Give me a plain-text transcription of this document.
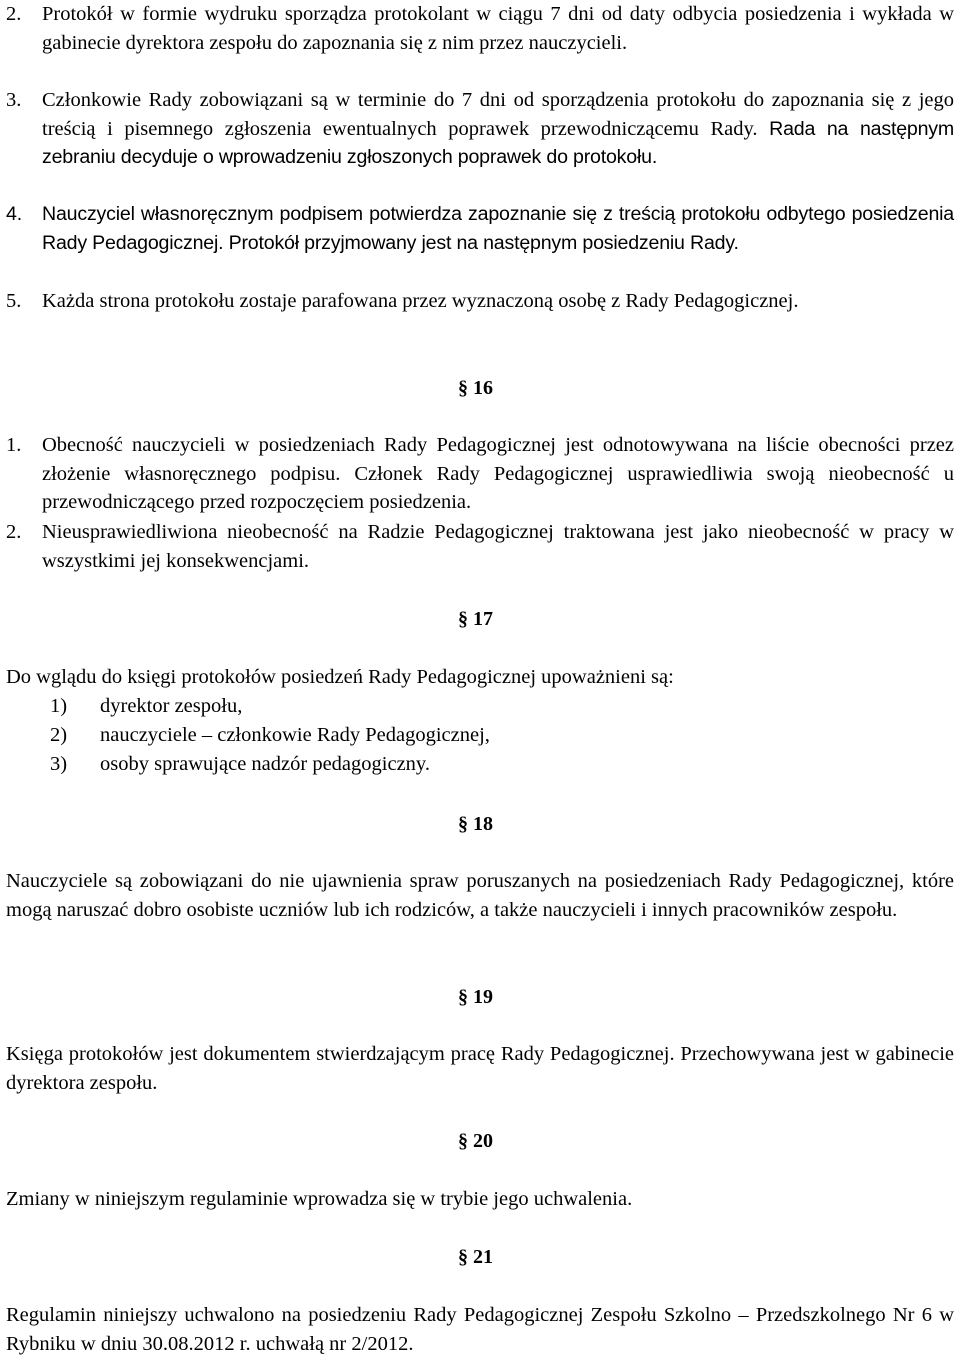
2. Protokół w formie wydruku sporządza protokolant w ciągu 7 dni od daty odbycia posiedzenia i wykłada w gabinecie dyrektora zespołu do zapoznania się z nim przez nauczycieli.
3. Członkowie Rady zobowiązani są w terminie do 7 dni od sporządzenia protokołu do zapoznania się z jego treścią i pisemnego zgłoszenia ewentualnych poprawek przewodniczącemu Rady. Rada na następnym zebraniu decyduje o wprowadzeniu zgłoszonych poprawek do protokołu.
4. Nauczyciel własnoręcznym podpisem potwierdza zapoznanie się z treścią protokołu odbytego posiedzenia Rady Pedagogicznej. Protokół przyjmowany jest na następnym posiedzeniu Rady.
5. Każda strona protokołu zostaje parafowana przez wyznaczoną osobę z Rady Pedagogicznej.
§ 16
1. Obecność nauczycieli w posiedzeniach Rady Pedagogicznej jest odnotowywana na liście obecności przez złożenie własnoręcznego podpisu. Członek Rady Pedagogicznej usprawiedliwia swoją nieobecność u przewodniczącego przed rozpoczęciem posiedzenia.
2. Nieusprawiedliwiona nieobecność na Radzie Pedagogicznej traktowana jest jako nieobecność w pracy w wszystkimi jej konsekwencjami.
§ 17
Do wglądu do księgi protokołów posiedzeń Rady Pedagogicznej upoważnieni są:
1) dyrektor zespołu,
2) nauczyciele – członkowie Rady Pedagogicznej,
3) osoby sprawujące nadzór pedagogiczny.
§ 18
Nauczyciele są zobowiązani do nie ujawnienia spraw poruszanych na posiedzeniach Rady Pedagogicznej, które mogą naruszać dobro osobiste uczniów lub ich rodziców, a także nauczycieli i innych pracowników zespołu.
§ 19
Księga protokołów jest dokumentem stwierdzającym pracę Rady Pedagogicznej. Przechowywana jest w gabinecie dyrektora zespołu.
§ 20
Zmiany w niniejszym regulaminie wprowadza się w trybie jego uchwalenia.
§ 21
Regulamin niniejszy uchwalono na posiedzeniu Rady Pedagogicznej Zespołu Szkolno – Przedszkolnego Nr 6 w Rybniku w dniu 30.08.2012 r. uchwałą nr 2/2012.
